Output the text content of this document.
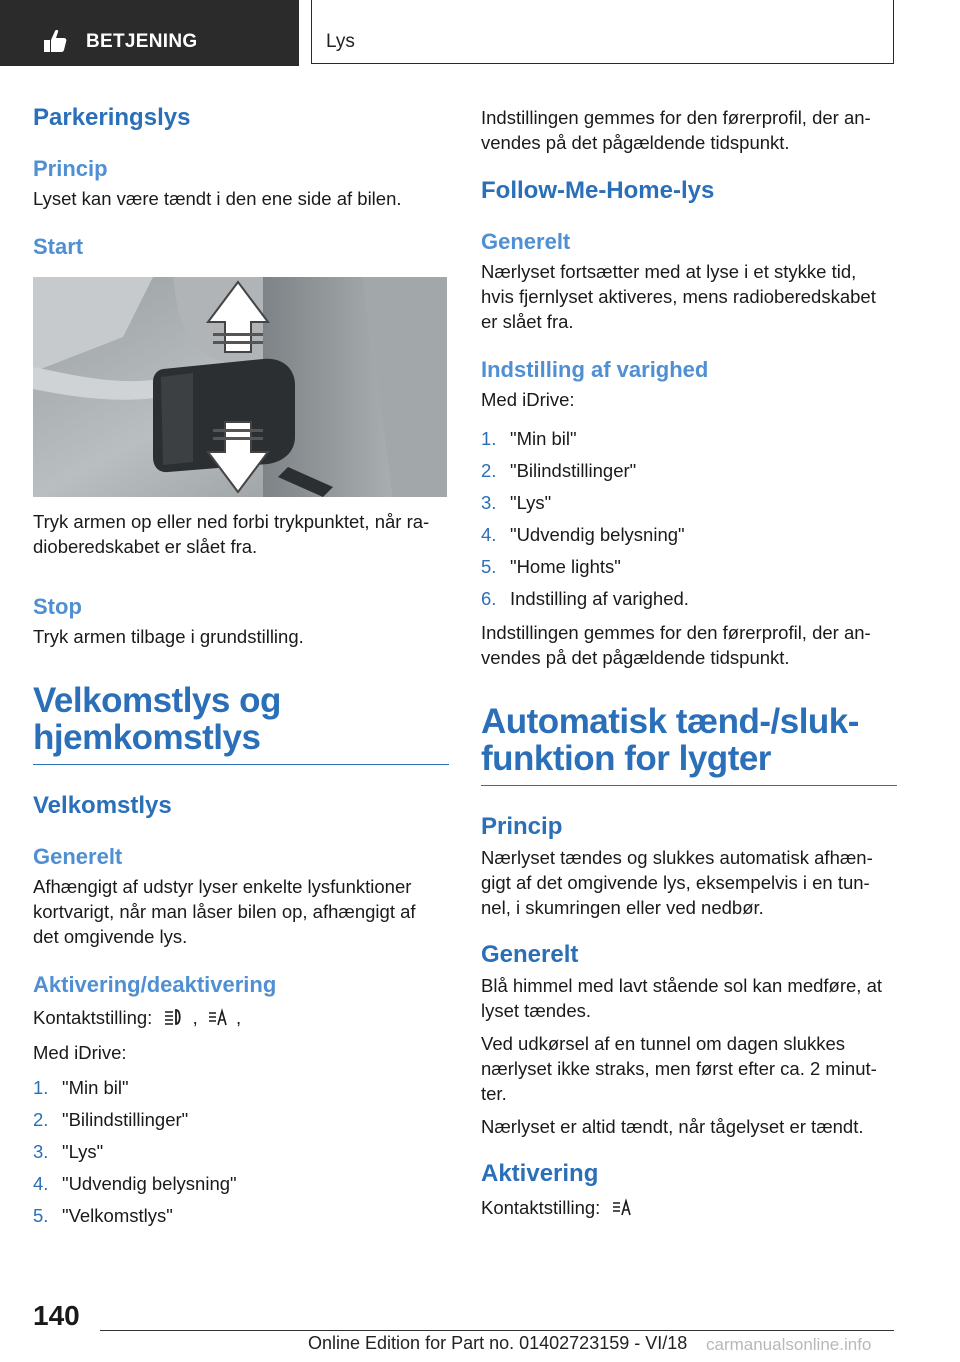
BETJENING	Lys
Parkeringslys
Princip

Lyset kan være tændt i den ene side af bilen.

Start

Tryk armen op eller ned forbi trykpunktet, når ra-
dioberedskabet er slået fra.

Stop

Tryk armen tilbage i grundstilling.

Velkomstlys og
hjemkomstlys
Velkomstlys
Generelt

Afhængigt af udstyr lyser enkelte lysfunktioner

kortvarigt, når man låser bilen op, afhængigt af

det omgivende lys.

Aktivering/deaktivering

Kontaktstilling: , ,

Med iDrive:

1. "Min bil"
2. "Bilindstillinger"
3. "Lys"
4. "Udvendig belysning"
5. "Velkomstlys"

Indstillingen gemmes for den førerprofil, der an-

vendes på det pågældende tidspunkt.

Follow-Me-Home-lys
Generelt

Nærlyset fortsætter med at lyse i et stykke tid,

hvis fjernlyset aktiveres, mens radioberedskabet

er slået fra.

Indstilling af varighed

Med iDrive:

1. "Min bil"
2. "Bilindstillinger"
3. "Lys"
4. "Udvendig belysning"
5. "Home lights"
6. Indstilling af varighed.

Indstillingen gemmes for den førerprofil, der an-

vendes på det pågældende tidspunkt.

Automatisk tænd-/sluk-
funktion for lygter
Princip

Nærlyset tændes og slukkes automatisk afhæn-

gigt af det omgivende lys, eksempelvis i en tun-

nel, i skumringen eller ved nedbør.

Generelt

Blå himmel med lavt stående sol kan medføre, at

lyset tændes.

Ved udkørsel af en tunnel om dagen slukkes

nærlyset ikke straks, men først efter ca. 2 minut-

ter.

Nærlyset er altid tændt, når tågelyset er tændt.

Aktivering

Kontaktstilling:

140
Online Edition for Part no. 01402723159 - VI/18 carmanualsonline.info
